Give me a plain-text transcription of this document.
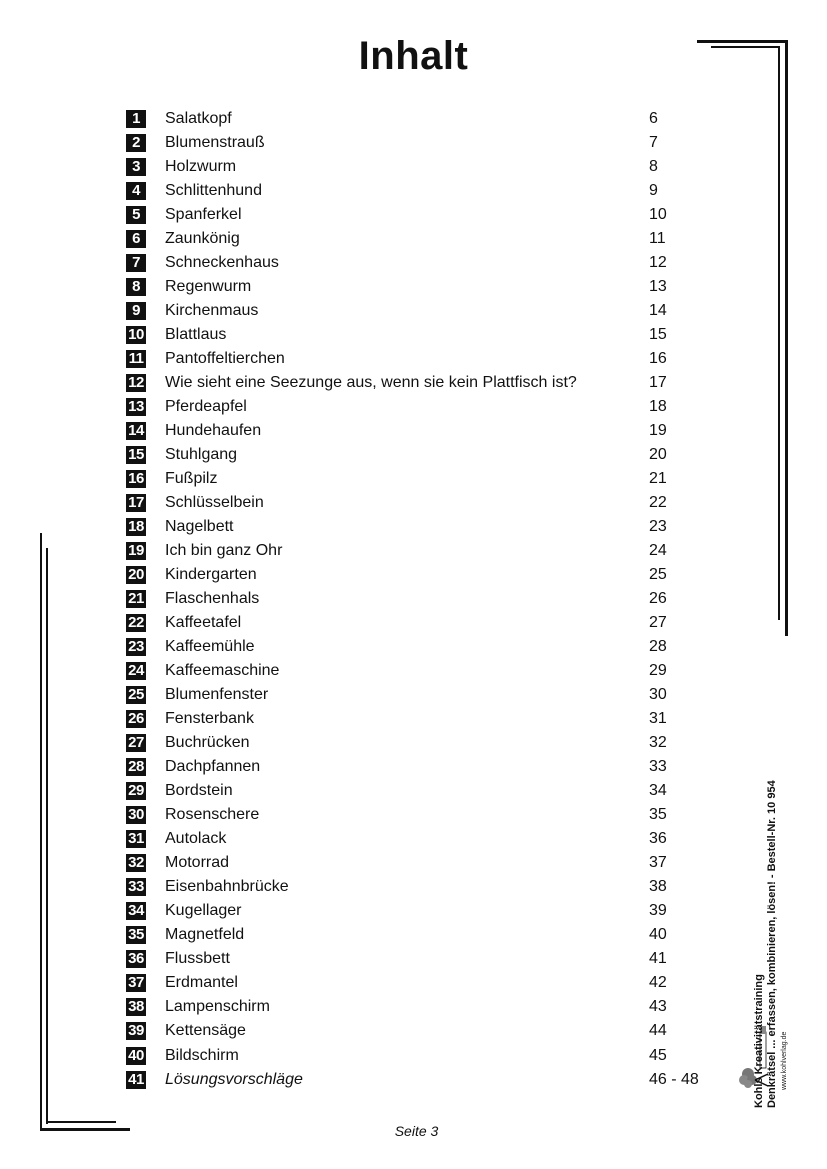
Inhalt
1	Salatkopf	6
2	Blumenstrauß	7
3	Holzwurm	8
4	Schlittenhund	9
5	Spanferkel	10
6	Zaunkönig	11
7	Schneckenhaus	12
8	Regenwurm	13
9	Kirchenmaus	14
10 Blattlaus	15
11 Pantoffeltierchen	16
12 Wie sieht eine Seezunge aus, wenn sie kein Plattfisch ist?	17
13 Pferdeapfel	18
14 Hundehaufen	19
15 Stuhlgang	20
16 Fußpilz	21
17 Schlüsselbein	22
18 Nagelbett	23
19 Ich bin ganz Ohr	24
20 Kindergarten	25
21 Flaschenhals	26
22 Kaffeetafel	27
23 Kaffeemühle	28
24 Kaffeemaschine	29
25 Blumenfenster	30
26 Fensterbank	31
27 Buchrücken	32
28 Dachpfannen	33
29 Bordstein	34
30 Rosenschere	35
31 Autolack	36
32 Motorrad	37
33 Eisenbahnbrücke	38
34 Kugellager	39
35 Magnetfeld	40
36 Flussbett	41
37 Erdmantel	42
38 Lampenschirm	43
39 Kettensäge	44
40 Bildschirm	45
41 Lösungsvorschläge	46 - 48
Seite 3
Kohls Kreativitätstraining Denkrätsel ... erfassen, kombinieren, lösen! - Bestell-Nr. 10 954 www.kohlverlag.de
